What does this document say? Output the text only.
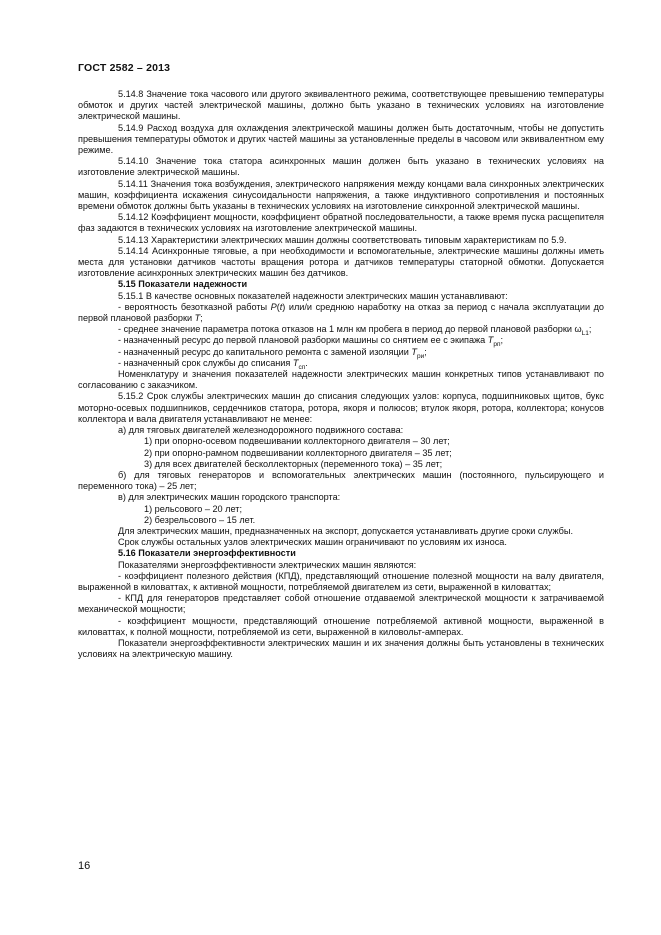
ГОСТ 2582 – 2013

5.14.8 Значение тока часового или другого эквивалентного режима, соответствующее превышению температуры обмоток и других частей электрической машины, должно быть указано в технических условиях на изготовление электрической машины.

5.14.9 Расход воздуха для охлаждения электрической машины должен быть достаточным, чтобы не допустить превышения температуры обмоток и других частей машины за установленные пределы в часовом или эквивалентном ему режиме.

5.14.10 Значение тока статора асинхронных машин должен быть указано в технических условиях на изготовление электрической машины.

5.14.11 Значения тока возбуждения, электрического напряжения между концами вала синхронных электрических машин, коэффициента искажения синусоидальности напряжения, а также индуктивного сопротивления и постоянных времени обмоток должны быть указаны в технических условиях на изготовление синхронной электрической машины.

5.14.12 Коэффициент мощности, коэффициент обратной последовательности, а также время пуска расщепителя фаз задаются в технических условиях на изготовление электрической машины.

5.14.13 Характеристики электрических машин должны соответствовать типовым характеристикам по 5.9.

5.14.14 Асинхронные тяговые, а при необходимости и вспомогательные, электрические машины должны иметь места для установки датчиков частоты вращения ротора и датчиков температуры статорной обмотки. Допускается изготовление асинхронных электрических машин без датчиков.

5.15 Показатели надежности

5.15.1 В качестве основных показателей надежности электрических машин устанавливают:

- вероятность безотказной работы P(t) или/и среднюю наработку на отказ за период с начала эксплуатации до первой плановой разборки T;

- среднее значение параметра потока отказов на 1 млн км пробега в период до первой плановой разборки $\omega_{L1}$;

- назначенный ресурс до первой плановой разборки машины со снятием ее с экипажа $T_{рп}$;

- назначенный ресурс до капитального ремонта с заменой изоляции $T_{ри}$;

- назначенный срок службы до списания $T_{сп}$.

Номенклатуру и значения показателей надежности электрических машин конкретных типов устанавливают по согласованию с заказчиком.

5.15.2 Срок службы электрических машин до списания следующих узлов: корпуса, подшипниковых щитов, букс моторно-осевых подшипников, сердечников статора, ротора, якоря и полюсов; втулок якоря, ротора, коллектора; конусов коллектора и вала двигателя устанавливают не менее:

а) для тяговых двигателей железнодорожного подвижного состава:

1) при опорно-осевом подвешивании коллекторного двигателя – 30 лет;

2) при опорно-рамном подвешивании коллекторного двигателя – 35 лет;

3) для всех двигателей бесколлекторных (переменного тока) – 35 лет;

б) для тяговых генераторов и вспомогательных электрических машин (постоянного, пульсирующего и переменного тока) – 25 лет;

в) для электрических машин городского транспорта:

1) рельсового – 20 лет;

2) безрельсового – 15 лет.

Для электрических машин, предназначенных на экспорт, допускается устанавливать другие сроки службы.

Срок службы остальных узлов электрических машин ограничивают по условиям их износа.

5.16 Показатели энергоэффективности

Показателями энергоэффективности электрических машин являются:

- коэффициент полезного действия (КПД), представляющий отношение полезной мощности на валу двигателя, выраженной в киловаттах, к активной мощности, потребляемой двигателем из сети, выраженной в киловаттах;

- КПД для генераторов представляет собой отношение отдаваемой электрической мощности к затрачиваемой механической мощности;

- коэффициент мощности, представляющий отношение потребляемой активной мощности, выраженной в киловаттах, к полной мощности, потребляемой из сети, выраженной в киловольт-амперах.

Показатели энергоэффективности электрических машин и их значения должны быть установлены в технических условиях на электрическую машину.

16
